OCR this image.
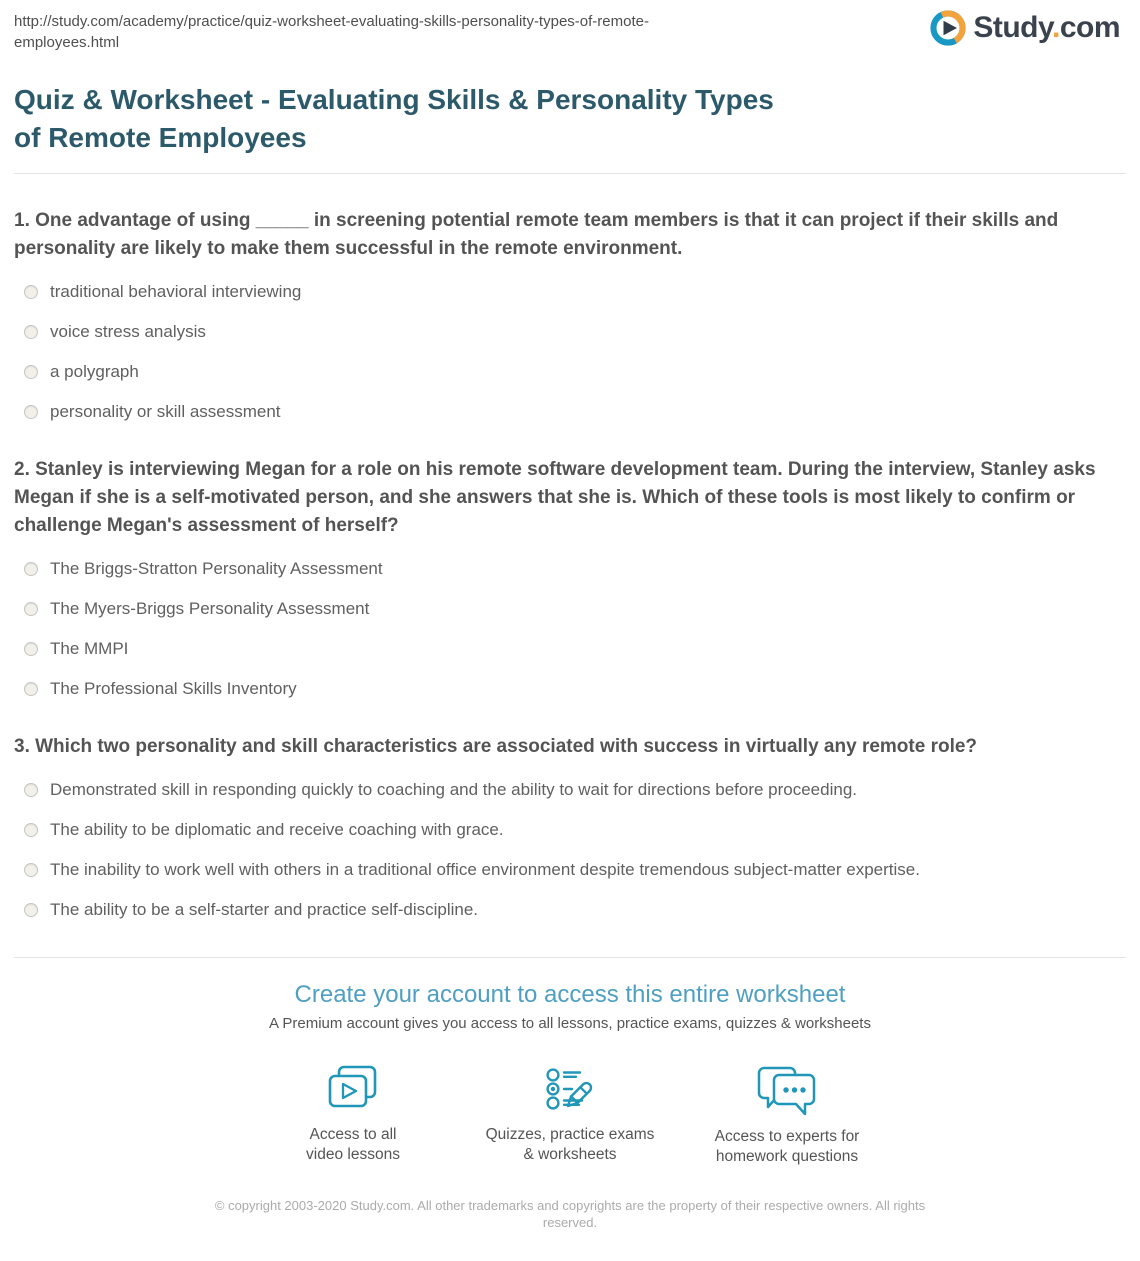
http://study.com/academy/practice/quiz-worksheet-evaluating-skills-personality-types-of-remote-employees.html	Study.com
Quiz & Worksheet - Evaluating Skills & Personality Types
of Remote Employees
1. One advantage of using _____ in screening potential remote team members is that it can project if their skills and personality are likely to make them successful in the remote environment.
traditional behavioral interviewing
voice stress analysis
a polygraph
personality or skill assessment
2. Stanley is interviewing Megan for a role on his remote software development team. During the interview, Stanley asks Megan if she is a self-motivated person, and she answers that she is. Which of these tools is most likely to confirm or challenge Megan's assessment of herself?
The Briggs-Stratton Personality Assessment
The Myers-Briggs Personality Assessment
The MMPI
The Professional Skills Inventory
3. Which two personality and skill characteristics are associated with success in virtually any remote role?
Demonstrated skill in responding quickly to coaching and the ability to wait for directions before proceeding.
The ability to be diplomatic and receive coaching with grace.
The inability to work well with others in a traditional office environment despite tremendous subject-matter expertise.
The ability to be a self-starter and practice self-discipline.
Create your account to access this entire worksheet
A Premium account gives you access to all lessons, practice exams, quizzes & worksheets
Access to all
video lessons
Quizzes, practice exams
& worksheets
Access to experts for
homework questions
© copyright 2003-2020 Study.com. All other trademarks and copyrights are the property of their respective owners. All rights reserved.
